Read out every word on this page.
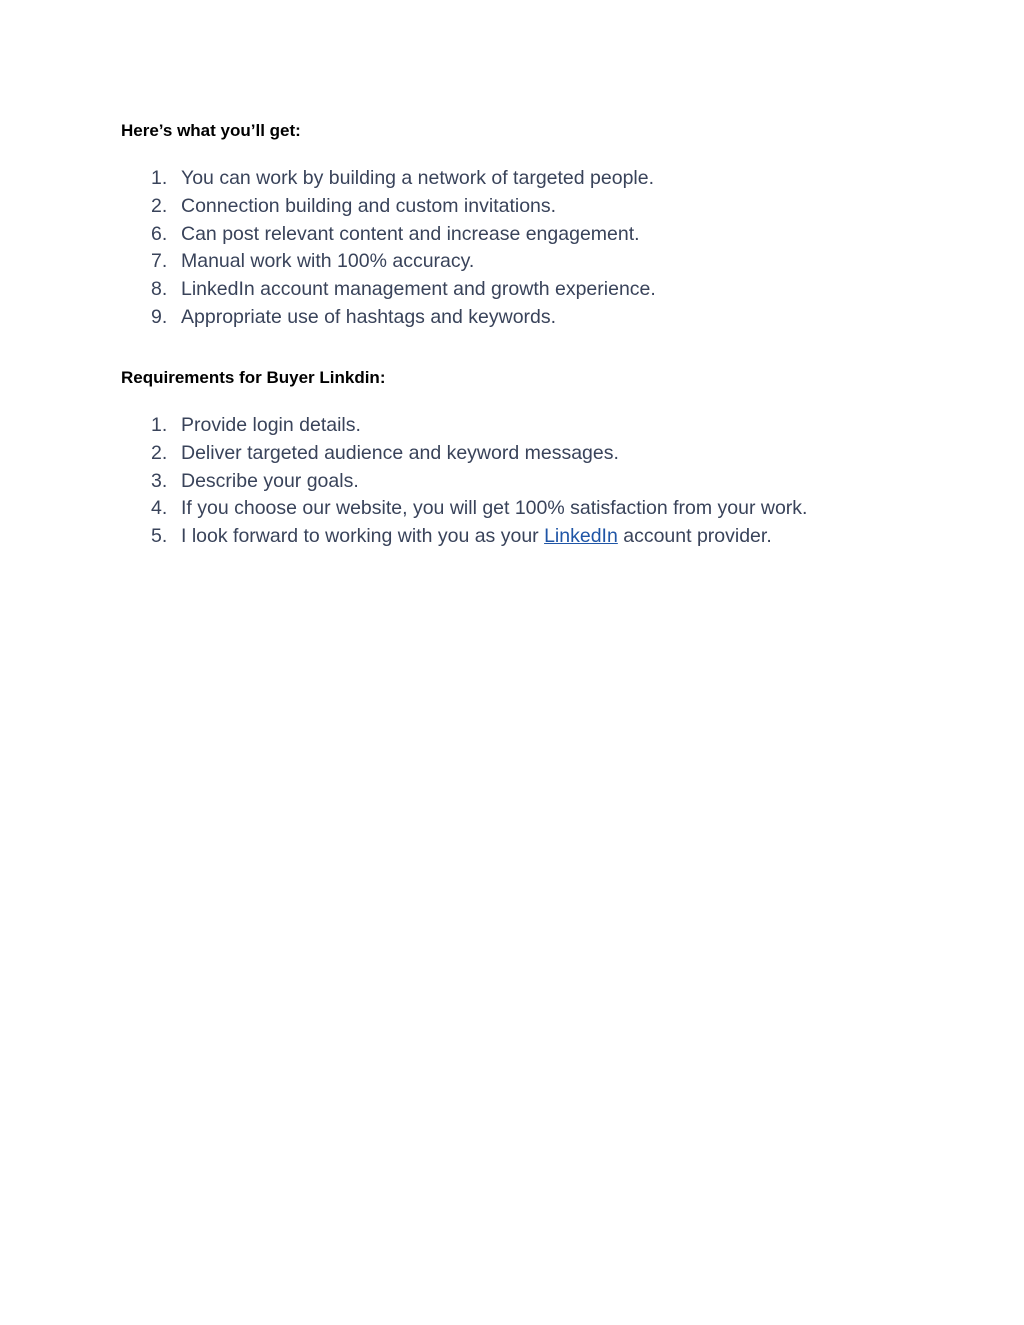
Here’s what you’ll get:
1. You can work by building a network of targeted people.
2. Connection building and custom invitations.
6. Can post relevant content and increase engagement.
7. Manual work with 100% accuracy.
8. LinkedIn account management and growth experience.
9. Appropriate use of hashtags and keywords.
Requirements for Buyer Linkdin:
1. Provide login details.
2. Deliver targeted audience and keyword messages.
3. Describe your goals.
4. If you choose our website, you will get 100% satisfaction from your work.
5. I look forward to working with you as your LinkedIn account provider.
